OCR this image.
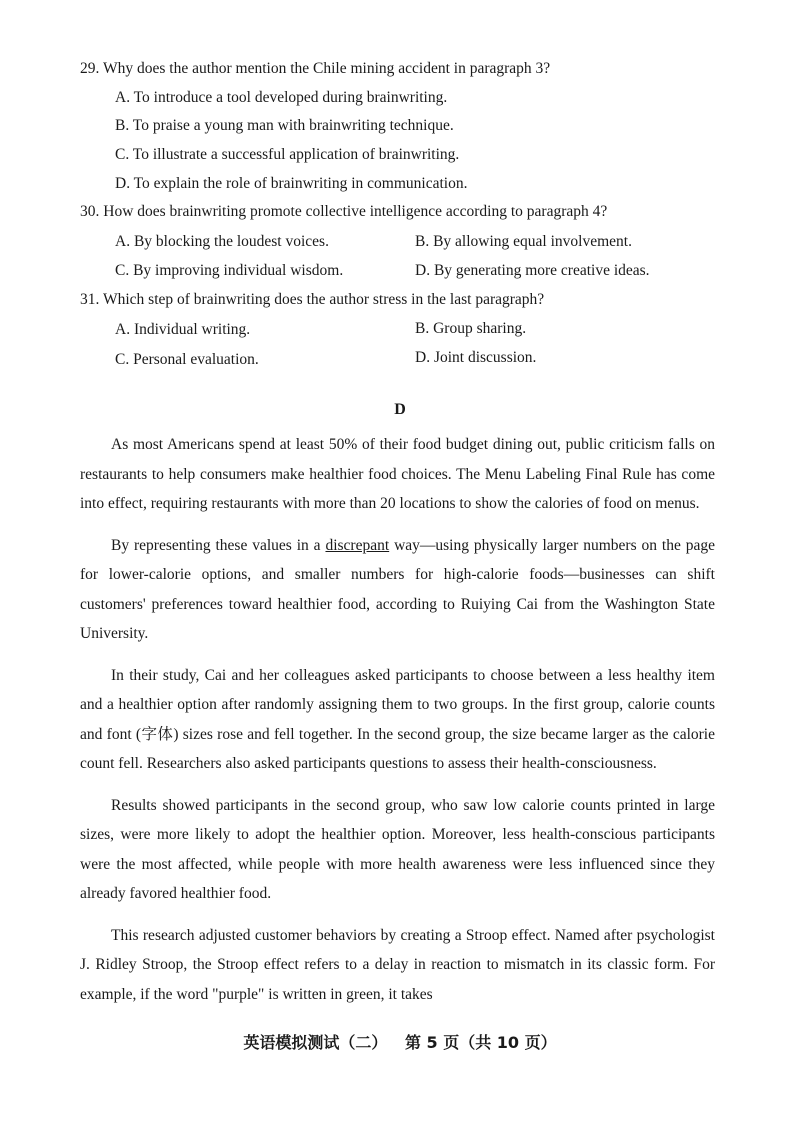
29. Why does the author mention the Chile mining accident in paragraph 3?
A. To introduce a tool developed during brainwriting.
B. To praise a young man with brainwriting technique.
C. To illustrate a successful application of brainwriting.
D. To explain the role of brainwriting in communication.
30. How does brainwriting promote collective intelligence according to paragraph 4?
A. By blocking the loudest voices.	B. By allowing equal involvement.
C. By improving individual wisdom.	D. By generating more creative ideas.
31. Which step of brainwriting does the author stress in the last paragraph?
A. Individual writing.	B. Group sharing.
C. Personal evaluation.	D. Joint discussion.
D

As most Americans spend at least 50% of their food budget dining out, public criticism falls on restaurants to help consumers make healthier food choices. The Menu Labeling Final Rule has come into effect, requiring restaurants with more than 20 locations to show the calories of food on menus.

By representing these values in a discrepant way—using physically larger numbers on the page for lower-calorie options, and smaller numbers for high-calorie foods—businesses can shift customers' preferences toward healthier food, according to Ruiying Cai from the Washington State University.

In their study, Cai and her colleagues asked participants to choose between a less healthy item and a healthier option after randomly assigning them to two groups. In the first group, calorie counts and font (字体) sizes rose and fell together. In the second group, the size became larger as the calorie count fell. Researchers also asked participants questions to assess their health-consciousness.

Results showed participants in the second group, who saw low calorie counts printed in large sizes, were more likely to adopt the healthier option. Moreover, less health-conscious participants were the most affected, while people with more health awareness were less influenced since they already favored healthier food.

This research adjusted customer behaviors by creating a Stroop effect. Named after psychologist J. Ridley Stroop, the Stroop effect refers to a delay in reaction to mismatch in its classic form. For example, if the word "purple" is written in green, it takes

英语模拟测试（二） 第 5 页（共 10 页）
